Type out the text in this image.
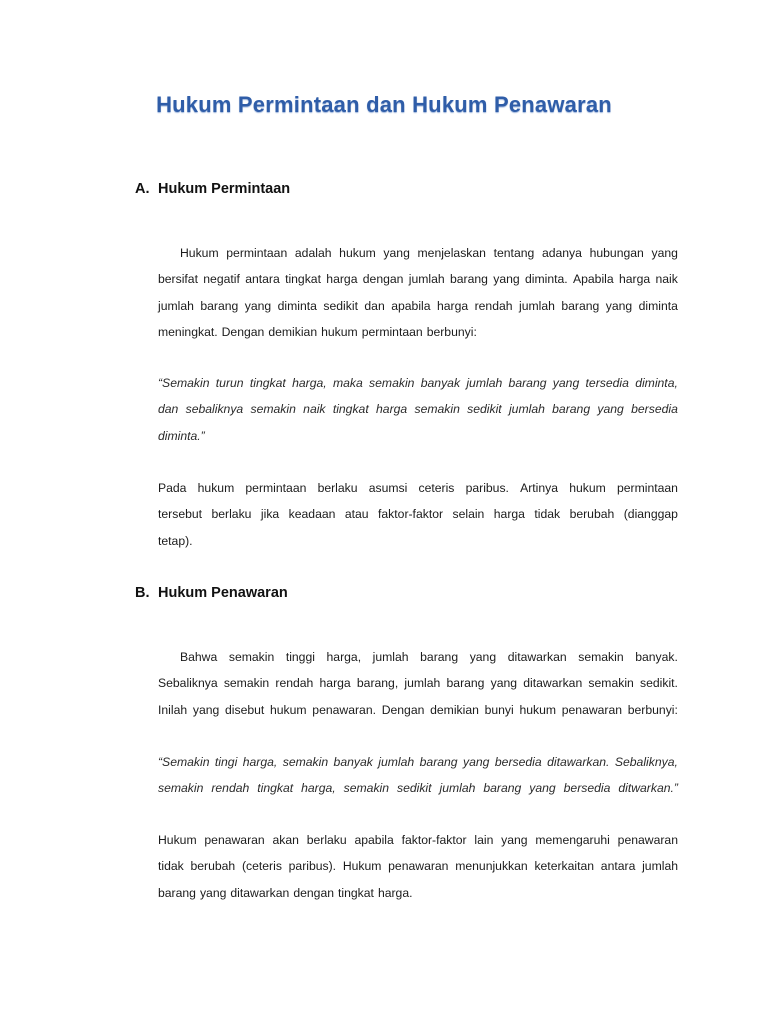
Hukum Permintaan dan Hukum Penawaran
A. Hukum Permintaan
Hukum permintaan adalah hukum yang menjelaskan tentang adanya hubungan yang
bersifat negatif antara tingkat harga dengan jumlah barang yang diminta. Apabila harga naik
jumlah barang yang diminta sedikit dan apabila harga rendah jumlah barang yang diminta
meningkat. Dengan demikian hukum permintaan berbunyi:
“Semakin turun tingkat harga, maka semakin banyak jumlah barang yang tersedia diminta,
dan sebaliknya semakin naik tingkat harga semakin sedikit jumlah barang yang bersedia
diminta.”
Pada hukum permintaan berlaku asumsi ceteris paribus. Artinya hukum permintaan
tersebut berlaku jika keadaan atau faktor-faktor selain harga tidak berubah (dianggap
tetap).
B. Hukum Penawaran
Bahwa semakin tinggi harga, jumlah barang yang ditawarkan semakin banyak.
Sebaliknya semakin rendah harga barang, jumlah barang yang ditawarkan semakin sedikit.
Inilah yang disebut hukum penawaran. Dengan demikian bunyi hukum penawaran berbunyi:
“Semakin tingi harga, semakin banyak jumlah barang yang bersedia ditawarkan. Sebaliknya,
semakin rendah tingkat harga, semakin sedikit jumlah barang yang bersedia ditwarkan.”
Hukum penawaran akan berlaku apabila faktor-faktor lain yang memengaruhi penawaran
tidak berubah (ceteris paribus). Hukum penawaran menunjukkan keterkaitan antara jumlah
barang yang ditawarkan dengan tingkat harga.
